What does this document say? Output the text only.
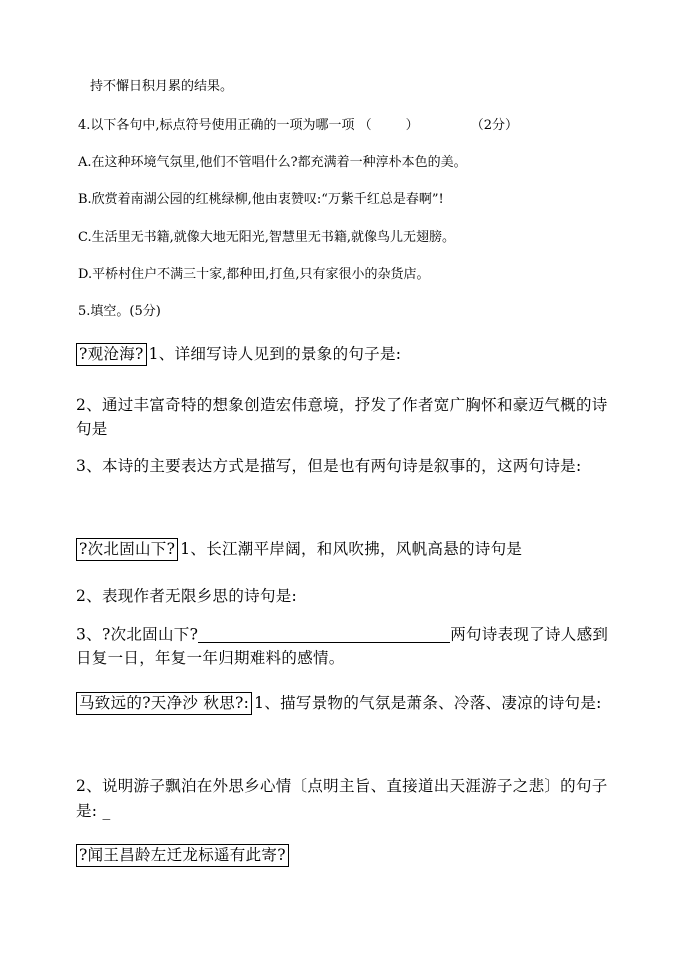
持不懈日积月累的结果。
4.以下各句中,标点符号使用正确的一项为哪一项 （	）	（2分）
A.在这种环境气氛里,他们不管唱什么?都充满着一种淳朴本色的美。
B.欣赏着南湖公园的红桃绿柳,他由衷赞叹:“万紫千红总是春啊”!
C.生活里无书籍,就像大地无阳光,智慧里无书籍,就像鸟儿无翅膀。
D.平桥村住户不满三十家,都种田,打鱼,只有家很小的杂货店。
5.填空。(5分)
?观沧海? 1、详细写诗人见到的景象的句子是:
2、通过丰富奇特的想象创造宏伟意境，抒发了作者宽广胸怀和豪迈气概的诗
句是
3、本诗的主要表达方式是描写，但是也有两句诗是叙事的，这两句诗是:
?次北固山下? 1、长江潮平岸阔，和风吹拂，风帆高悬的诗句是
2、表现作者无限乡思的诗句是:
3、?次北固山下?	两句诗表现了诗人感到
日复一日，年复一年归期难料的感情。
马致远的?天净沙 秋思?: 1、描写景物的气氛是萧条、冷落、凄凉的诗句是:
2、说明游子飘泊在外思乡心情〔点明主旨、直接道出天涯游子之悲〕的句子
是: _
?闻王昌龄左迁龙标遥有此寄?
